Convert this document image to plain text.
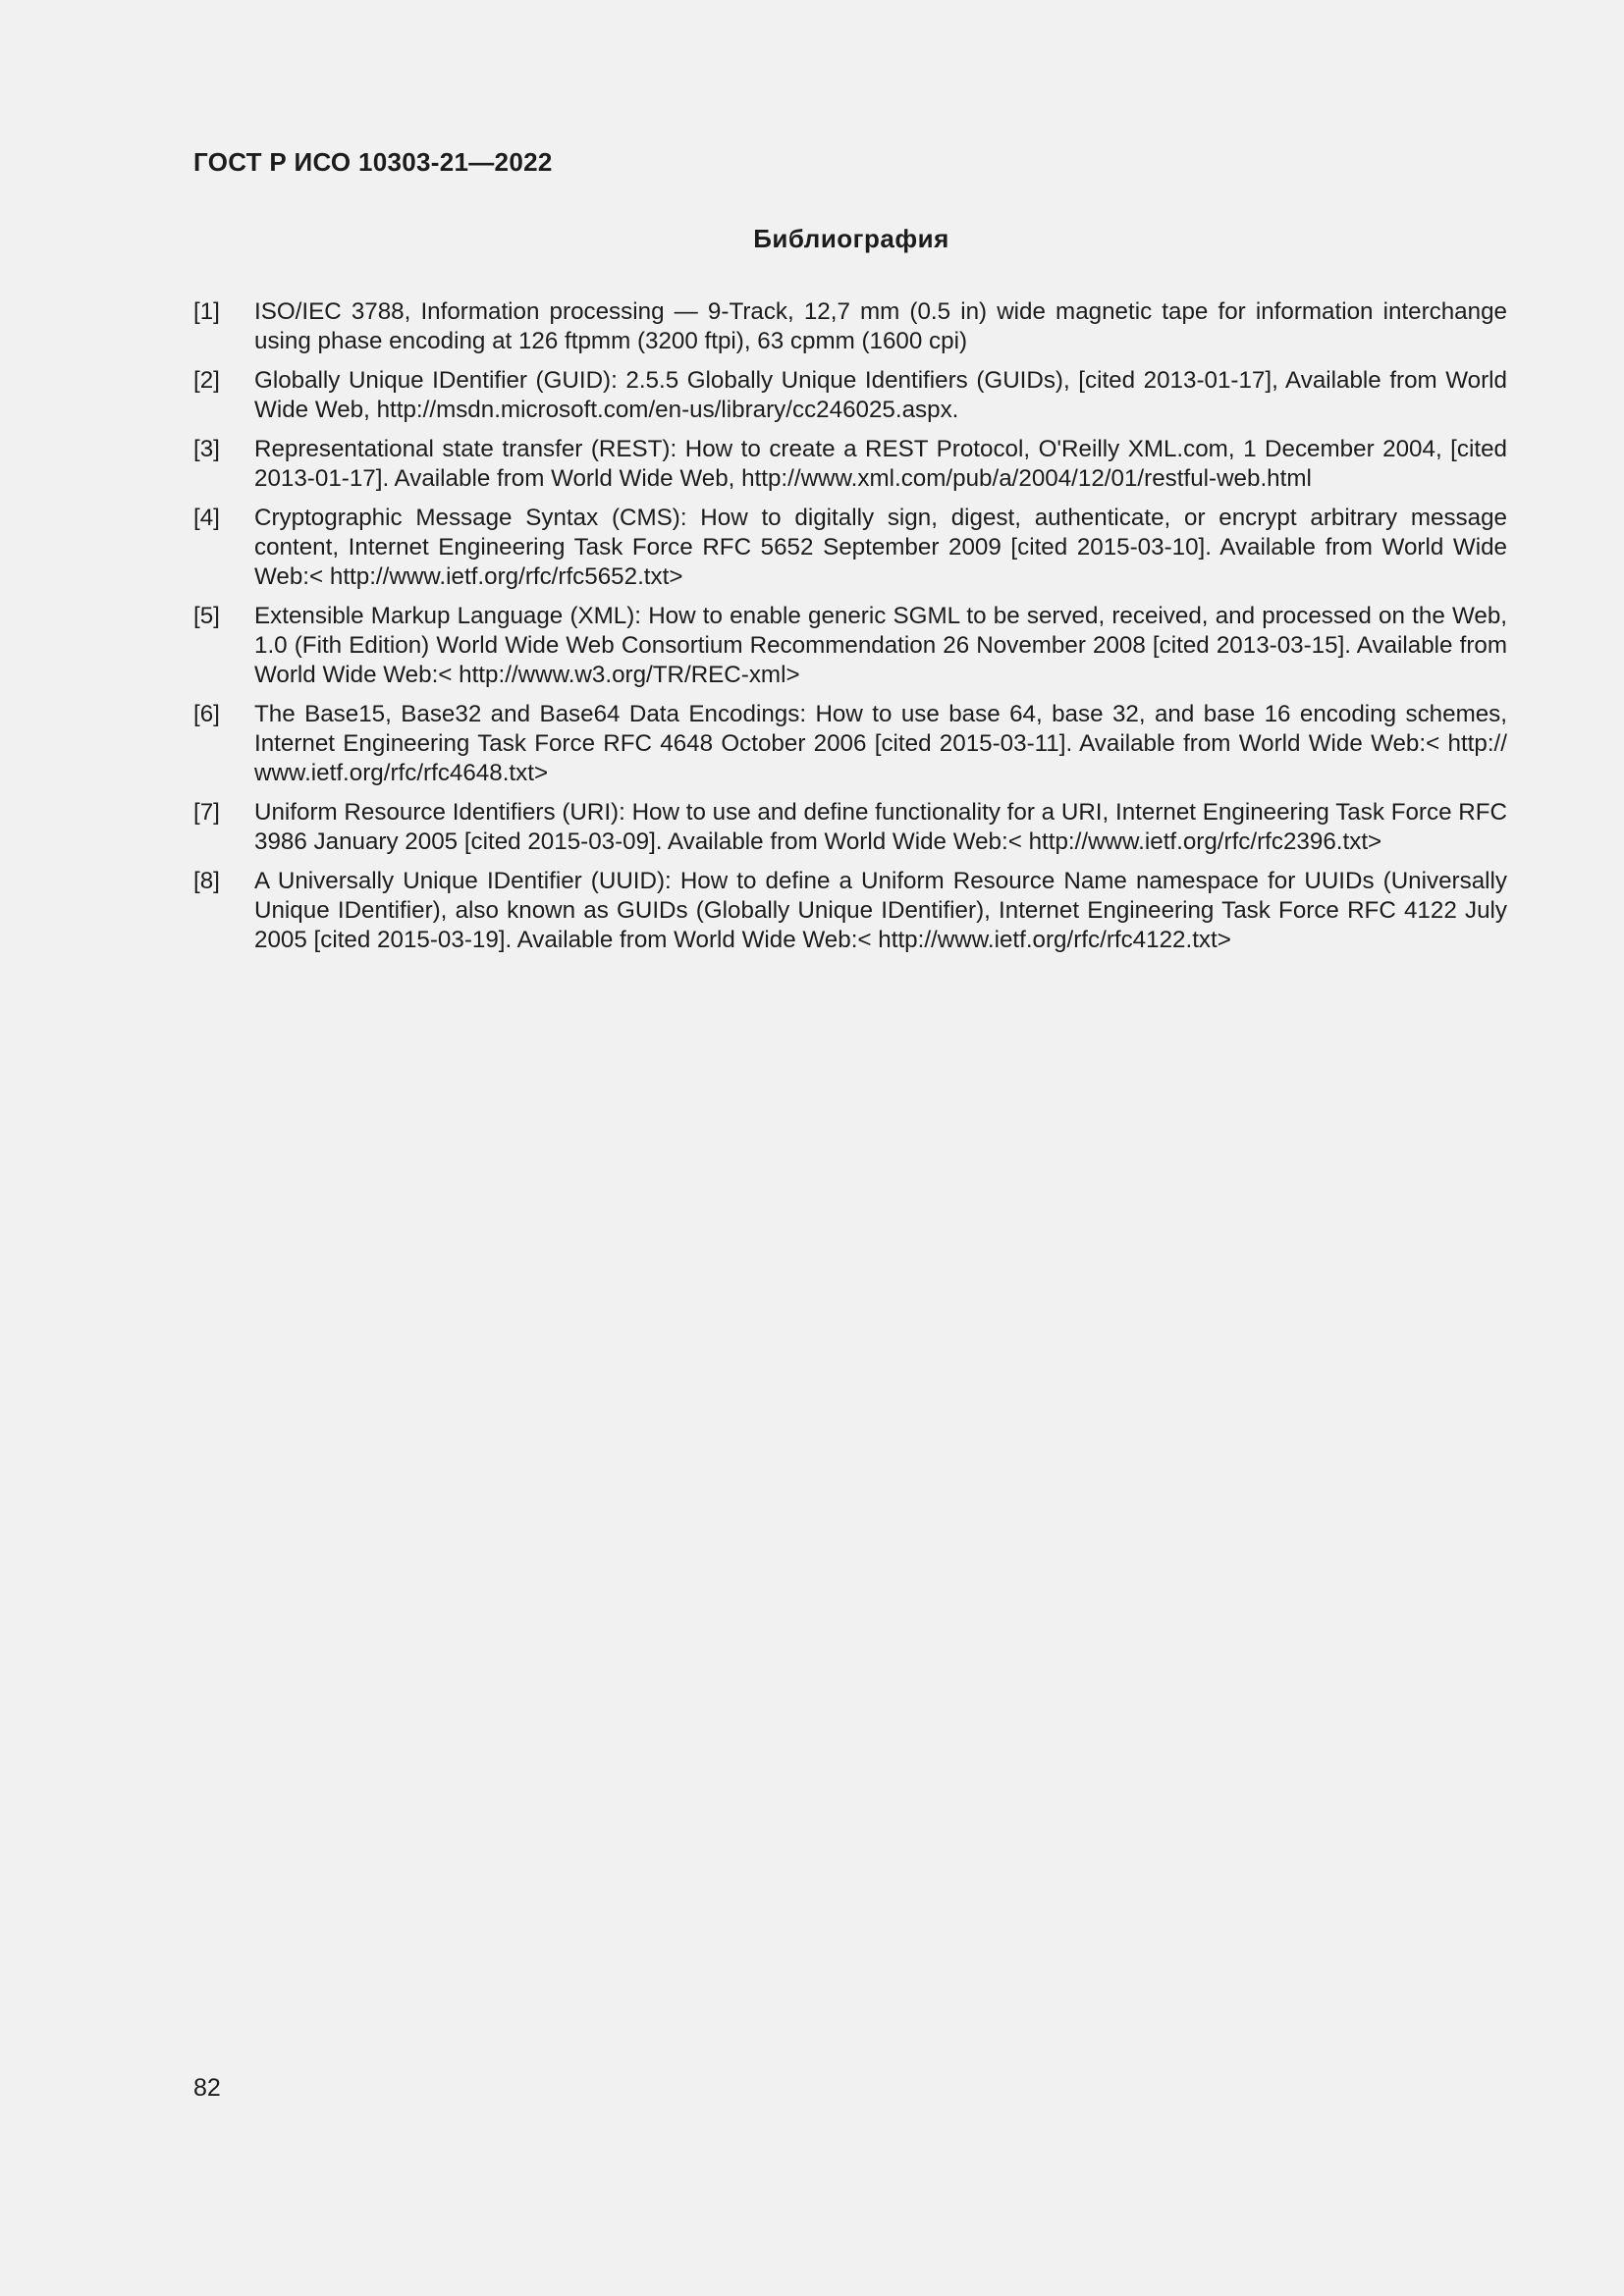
ГОСТ Р ИСО 10303-21—2022
Библиография
[1]	ISO/IEC 3788, Information processing — 9-Track, 12,7 mm (0.5 in) wide magnetic tape for information interchange using phase encoding at 126 ftpmm (3200 ftpi), 63 cpmm (1600 cpi)
[2]	Globally Unique IDentifier (GUID): 2.5.5 Globally Unique Identifiers (GUIDs), [cited 2013-01-17], Available from World Wide Web, http://msdn.microsoft.com/en-us/library/cc246025.aspx.
[3]	Representational state transfer (REST): How to create a REST Protocol, O'Reilly XML.com, 1 December 2004, [cited 2013-01-17]. Available from World Wide Web, http://www.xml.com/pub/a/2004/12/01/restful-web.html
[4]	Cryptographic Message Syntax (CMS): How to digitally sign, digest, authenticate, or encrypt arbitrary message content, Internet Engineering Task Force RFC 5652 September 2009 [cited 2015-03-10]. Available from World Wide Web:< http://www.ietf.org/rfc/rfc5652.txt>
[5]	Extensible Markup Language (XML): How to enable generic SGML to be served, received, and processed on the Web, 1.0 (Fith Edition) World Wide Web Consortium Recommendation 26 November 2008 [cited 2013-03-15]. Available from World Wide Web:< http://www.w3.org/TR/REC-xml>
[6]	The Base15, Base32 and Base64 Data Encodings: How to use base 64, base 32, and base 16 encoding schemes, Internet Engineering Task Force RFC 4648 October 2006 [cited 2015-03-11]. Available from World Wide Web:< http:// www.ietf.org/rfc/rfc4648.txt>
[7]	Uniform Resource Identifiers (URI): How to use and define functionality for a URI, Internet Engineering Task Force RFC 3986 January 2005 [cited 2015-03-09]. Available from World Wide Web:< http://www.ietf.org/rfc/rfc2396.txt>
[8]	A Universally Unique IDentifier (UUID): How to define a Uniform Resource Name namespace for UUIDs (Universally Unique IDentifier), also known as GUIDs (Globally Unique IDentifier), Internet Engineering Task Force RFC 4122 July 2005 [cited 2015-03-19]. Available from World Wide Web:< http://www.ietf.org/rfc/rfc4122.txt>
82
